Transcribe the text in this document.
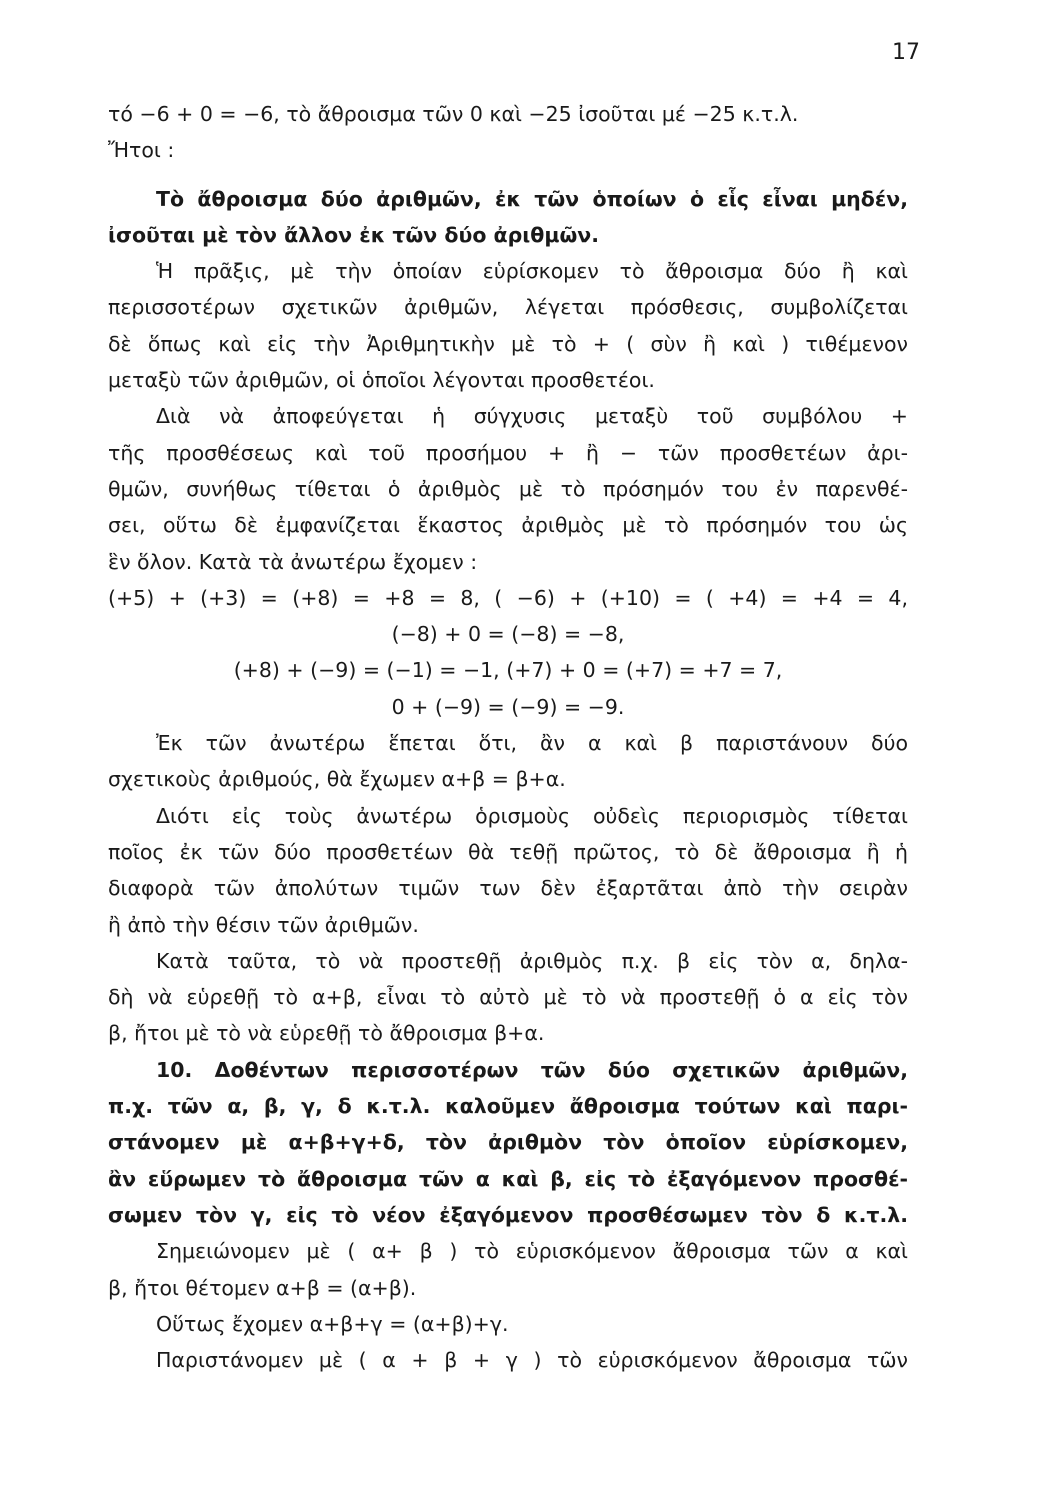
17
τό −6 + 0 = −6, τὸ ἄθροισμα τῶν 0 καὶ −25 ἰσοῦται μέ −25 κ.τ.λ.
Ἤτοι :
Τὸ ἄθροισμα δύο ἀριθμῶν, ἐκ τῶν ὁποίων ὁ εἷς εἶναι μηδέν,
ἰσοῦται μὲ τὸν ἄλλον ἐκ τῶν δύο ἀριθμῶν.
Ἡ πρᾶξις, μὲ τὴν ὁποίαν εὑρίσκομεν τὸ ἄθροισμα δύο ἢ καὶ
περισσοτέρων σχετικῶν ἀριθμῶν, λέγεται πρόσθεσις, συμβολίζεται
δὲ ὅπως καὶ εἰς τὴν Ἀριθμητικὴν μὲ τὸ + ( σὺν ἢ καὶ ) τιθέμενον
μεταξὺ τῶν ἀριθμῶν, οἱ ὁποῖοι λέγονται προσθετέοι.
Διὰ νὰ ἀποφεύγεται ἡ σύγχυσις μεταξὺ τοῦ συμβόλου +
τῆς προσθέσεως καὶ τοῦ προσήμου + ἢ − τῶν προσθετέων ἀρι-
θμῶν, συνήθως τίθεται ὁ ἀριθμὸς μὲ τὸ πρόσημόν του ἐν παρενθέ-
σει, οὕτω δὲ ἐμφανίζεται ἕκαστος ἀριθμὸς μὲ τὸ πρόσημόν του ὡς
ἓν ὅλον. Κατὰ τὰ ἀνωτέρω ἔχομεν :
(+5) + (+3) = (+8) = +8 = 8, ( −6) + (+10) = ( +4) = +4 = 4,
(−8) + 0 = (−8) = −8,
(+8) + (−9) = (−1) = −1, (+7) + 0 = (+7) = +7 = 7,
0 + (−9) = (−9) = −9.
Ἐκ τῶν ἀνωτέρω ἕπεται ὅτι, ἂν α καὶ β παριστάνουν δύο
σχετικοὺς ἀριθμούς, θὰ ἔχωμεν α+β = β+α.
Διότι εἰς τοὺς ἀνωτέρω ὁρισμοὺς οὐδεὶς περιορισμὸς τίθεται
ποῖος ἐκ τῶν δύο προσθετέων θὰ τεθῇ πρῶτος, τὸ δὲ ἄθροισμα ἢ ἡ
διαφορὰ τῶν ἀπολύτων τιμῶν των δὲν ἐξαρτᾶται ἀπὸ τὴν σειρὰν
ἢ ἀπὸ τὴν θέσιν τῶν ἀριθμῶν.
Κατὰ ταῦτα, τὸ νὰ προστεθῇ ἀριθμὸς π.χ. β εἰς τὸν α, δηλα-
δὴ νὰ εὑρεθῇ τὸ α+β, εἶναι τὸ αὐτὸ μὲ τὸ νὰ προστεθῇ ὁ α εἰς τὸν
β, ἤτοι μὲ τὸ νὰ εὑρεθῇ τὸ ἄθροισμα β+α.
10. Δοθέντων περισσοτέρων τῶν δύο σχετικῶν ἀριθμῶν,
π.χ. τῶν α, β, γ, δ κ.τ.λ. καλοῦμεν ἄθροισμα τούτων καὶ παρι-
στάνομεν μὲ α+β+γ+δ, τὸν ἀριθμὸν τὸν ὁποῖον εὑρίσκομεν,
ἂν εὕρωμεν τὸ ἄθροισμα τῶν α καὶ β, εἰς τὸ ἐξαγόμενον προσθέ-
σωμεν τὸν γ, εἰς τὸ νέον ἐξαγόμενον προσθέσωμεν τὸν δ κ.τ.λ.
Σημειώνομεν μὲ ( α+ β ) τὸ εὑρισκόμενον ἄθροισμα τῶν α καὶ
β, ἤτοι θέτομεν α+β = (α+β).
Οὕτως ἔχομεν α+β+γ = (α+β)+γ.
Παριστάνομεν μὲ ( α + β + γ ) τὸ εὑρισκόμενον ἄθροισμα τῶν
